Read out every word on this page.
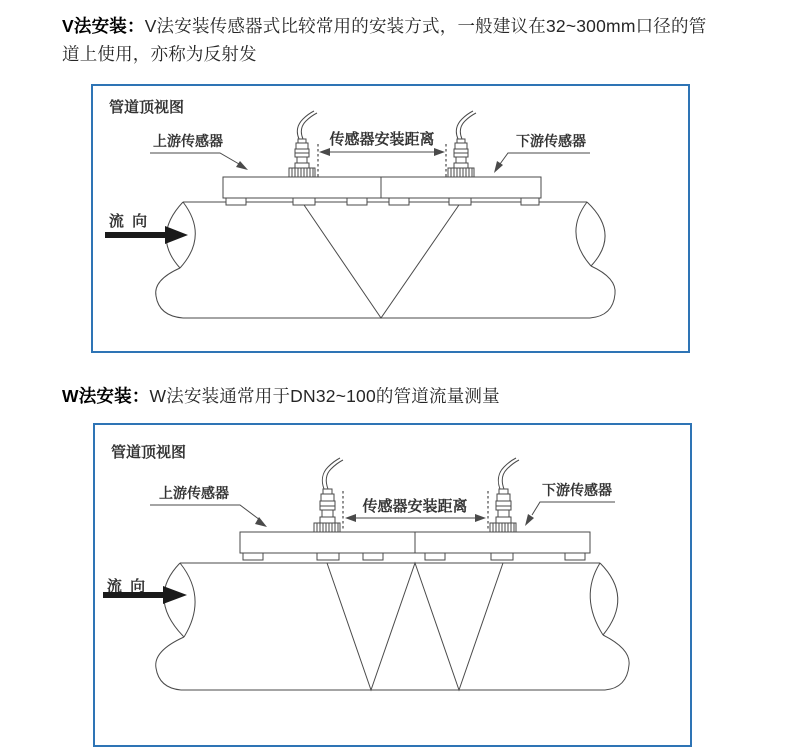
V法安装：V法安装传感器式比较常用的安装方式，一般建议在32~300mm口径的管道上使用，亦称为反射发

传感器安装距离
上游传感器	下游传感器
流 向
管道顶视图

W法安装：W法安装通常用于DN32~100的管道流量测量

传感器安装距离
上游传感器	下游传感器
流 向
管道顶视图
